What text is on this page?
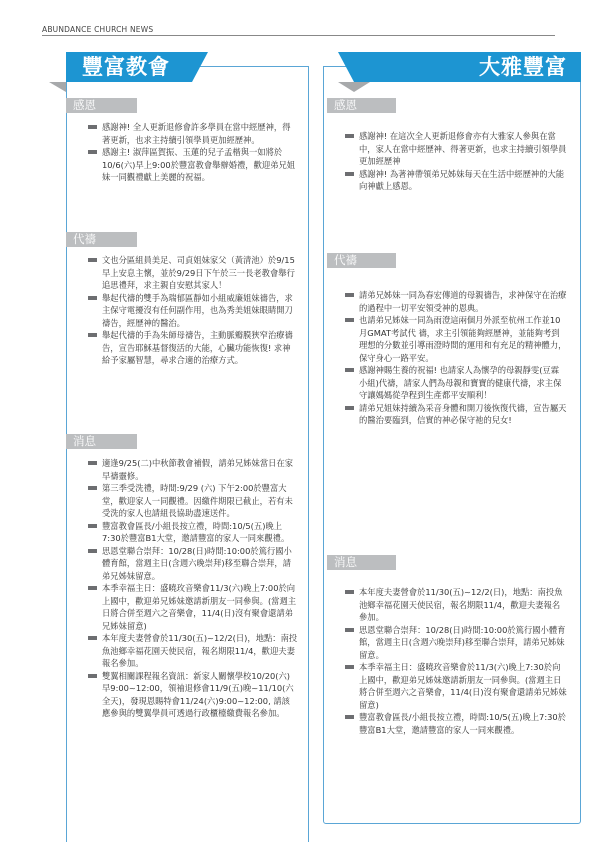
ABUNDANCE CHURCH NEWS
豐富教會
感恩
感謝神! 全人更新退修會許多學員在當中經歷神，得著更新，也求主持續引領學員更加經歷神。
感謝主! 淑萍區賀振、玉蓮的兒子孟楷與一如將於10/6(六)早上9:00於豐富教會舉辦婚禮，歡迎弟兄姐妹一同觀禮獻上美麗的祝福。
代禱
文也分區組員美足、司貞姐妹家父（黃清池）於9/15早上安息主懷，並於9/29日下午於三一長老教會舉行追思禮拜，求主親自安慰其家人！
舉起代禱的雙手為瑞郁區靜如小組威廉姐妹禱告，求主保守電擾沒有任何副作用，也為秀美姐妹眼睛開刀禱告，經歷神的醫治。
舉起代禱的手為朱師母禱告，主動脈瓣膜狹窄治療禱告，宣告耶穌基督復活的大能，心臟功能恢復! 求神給予家屬智慧，尋求合適的治療方式。
消息
適逢9/25(二)中秋節教會補假，請弟兄姊妹當日在家早禱靈修。
第三季受洗禮，時間:9/29 (六) 下午2:00於豐富大堂，歡迎家人一同觀禮。因繳件期限已截止，若有未受洗的家人也請組長協助盡速送件。
豐富教會區長/小組長按立禮，時間:10/5(五)晚上7:30於豐富B1大堂，邀請豐富的家人一同來觀禮。
思恩堂聯合崇拜：10/28(日)時間:10:00於篤行國小體育館，當週主日(含週六晚崇拜)移至聯合崇拜，請弟兄姊妹留意。
本季幸福主日：盛曉玫音樂會11/3(六)晚上7:00於向上國中，歡迎弟兄姊妹邀請新朋友一同參與。(當週主日將合併至週六之音樂會，11/4(日)沒有聚會還請弟兄姊妹留意)
本年度夫妻營會於11/30(五)~12/2(日)，地點：南投魚池鄉幸福花園天使民宿，報名期限11/4，歡迎夫妻報名參加。
雙翼相關課程報名資訊：新家人關懷學校10/20(六)早9:00~12:00，領袖退修會11/9(五)晚~11/10(六全天)，發現恩賜特會11/24(六)9:00~12:00, 請該應參與的雙翼學員可透過行政櫃檯繳費報名參加。
大雅豐富
感恩
感謝神! 在這次全人更新退修會亦有大雅家人參與在當中，家人在當中經歷神、得著更新，也求主持續引領學員更加經歷神
感謝神! 為著神帶領弟兄姊妹每天在生活中經歷神的大能向神獻上感恩。
代禱
請弟兄姊妹一同為春宏傳道的母親禱告，求神保守在治療的過程中一切平安領受神的恩典。
也請弟兄姊妹一同為雨澄這兩個月外派至杭州工作並10月GMAT考試代 禱，求主引領能夠經歷神，並能夠考到理想的分數並引導雨澄時間的運用和有充足的精神體力，保守身心一路平安。
感謝神賜生養的祝福! 也請家人為懷孕的母親靜雯(豆霖小組)代禱，請家人們為母親和寶寶的健康代禱，求主保守讓媽媽從孕程到生產都平安順利！
請弟兄姐妹持續為采音身體和開刀後恢復代禱，宣告屬天的醫治要臨到，信實的神必保守祂的兒女!
消息
本年度夫妻營會於11/30(五)~12/2(日)，地點：南投魚池鄉幸福花園天使民宿，報名期限11/4，歡迎夫妻報名參加。
思恩堂聯合崇拜：10/28(日)時間:10:00於篤行國小體育館，當週主日(含週六晚崇拜)移至聯合崇拜，請弟兄姊妹留意。
本季幸福主日：盛曉玫音樂會於11/3(六)晚上7:30於向上國中，歡迎弟兄姊妹邀請新朋友一同參與。(當週主日將合併至週六之音樂會，11/4(日)沒有聚會還請弟兄姊妹留意)
豐富教會區長/小組長按立禮，時間:10/5(五)晚上7:30於豐富B1大堂，邀請豐富的家人一同來觀禮。
